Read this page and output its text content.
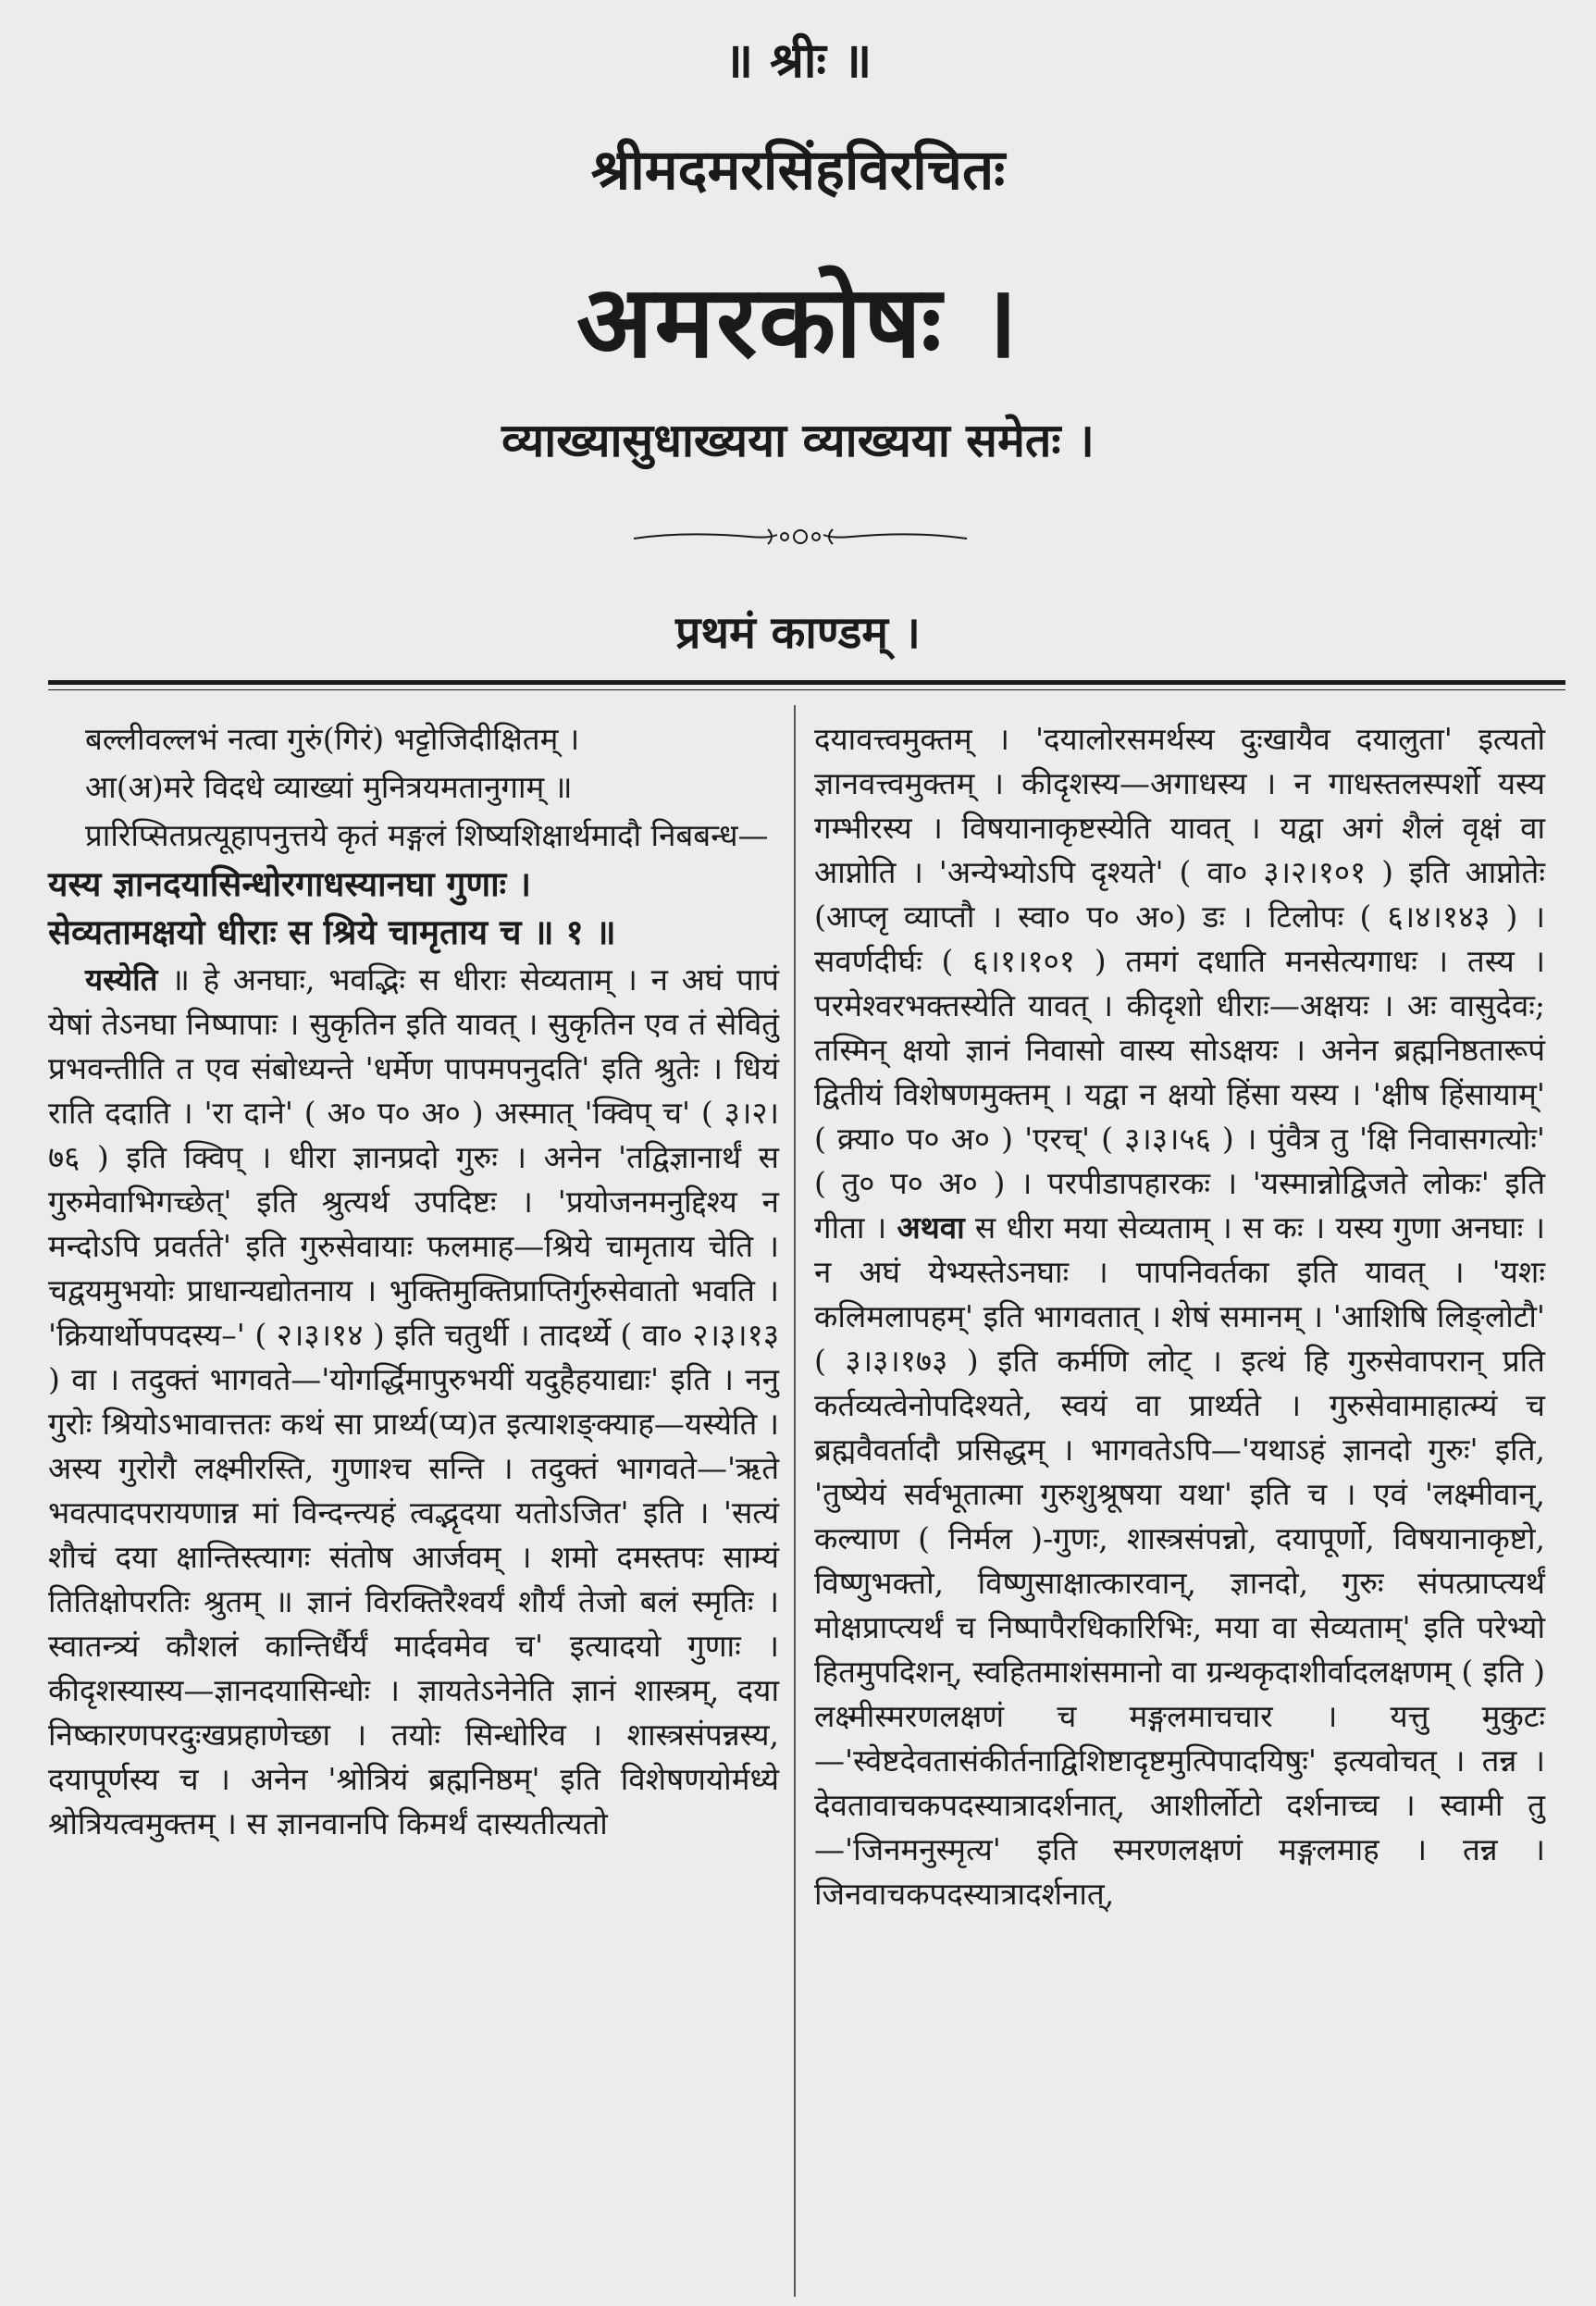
॥ श्रीः ॥
श्रीमदमरसिंहविरचितः
अमरकोषः ।
व्याख्यासुधाख्यया व्याख्यया समेतः ।
प्रथमं काण्डम् ।

बल्लीवल्लभं नत्वा गुरुं(गिरं) भट्टोजिदीक्षितम् ।

आ(अ)मरे विदधे व्याख्यां मुनित्रयमतानुगाम् ॥

प्रारिप्सितप्रत्यूहापनुत्तये कृतं मङ्गलं शिष्यशिक्षार्थमादौ निबबन्ध—

यस्य ज्ञानदयासिन्धोरगाधस्यानघा गुणाः ।

सेव्यतामक्षयो धीराः स श्रिये चामृताय च ॥ १ ॥

यस्येति ॥ हे अनघाः, भवद्भिः स धीराः सेव्यताम् । न अघं पापं येषां तेऽनघा निष्पापाः । सुकृतिन इति यावत् । सुकृतिन एव तं सेवितुं प्रभवन्तीति त एव संबोध्यन्ते 'धर्मेण पापमपनुदति' इति श्रुतेः । धियं राति ददाति । 'रा दाने' ( अ० प० अ० ) अस्मात् 'क्विप् च' ( ३।२।७६ ) इति क्विप् । धीरा ज्ञानप्रदो गुरुः । अनेन 'तद्विज्ञानार्थं स गुरुमेवाभिगच्छेत्' इति श्रुत्यर्थ उपदिष्टः । 'प्रयोजनमनुद्दिश्य न मन्दोऽपि प्रवर्तते' इति गुरुसेवायाः फलमाह—श्रिये चामृताय चेति । चद्वयमुभयोः प्राधान्यद्योतनाय । भुक्तिमुक्तिप्राप्तिर्गुरुसेवातो भवति । 'क्रियार्थोपपदस्य–' ( २।३।१४ ) इति चतुर्थी । तादर्थ्ये ( वा० २।३।१३ ) वा । तदुक्तं भागवते—'योगर्द्धिमापुरुभयीं यदुहैहयाद्याः' इति । ननु गुरोः श्रियोऽभावात्ततः कथं सा प्रार्थ्य(प्य)त इत्याशङ्क्याह—यस्येति । अस्य गुरोरौ लक्ष्मीरस्ति, गुणाश्च सन्ति । तदुक्तं भागवते—'ऋते भवत्पादपरायणान्न मां विन्दन्त्यहं त्वद्भृदया यतोऽजित' इति । 'सत्यं शौचं दया क्षान्तिस्त्यागः संतोष आर्जवम् । शमो दमस्तपः साम्यं तितिक्षोपरतिः श्रुतम् ॥ ज्ञानं विरक्तिरैश्वर्यं शौर्यं तेजो बलं स्मृतिः । स्वातन्त्र्यं कौशलं कान्तिर्धैर्यं मार्दवमेव च' इत्यादयो गुणाः । कीदृशस्यास्य—ज्ञानदयासिन्धोः । ज्ञायतेऽनेनेति ज्ञानं शास्त्रम्, दया निष्कारणपरदुःखप्रहाणेच्छा । तयोः सिन्धोरिव । शास्त्रसंपन्नस्य, दयापूर्णस्य च । अनेन 'श्रोत्रियं ब्रह्मनिष्ठम्' इति विशेषणयोर्मध्ये श्रोत्रियत्वमुक्तम् । स ज्ञानवानपि किमर्थं दास्यतीत्यतो

दयावत्त्वमुक्तम् । 'दयालोरसमर्थस्य दुःखायैव दयालुता' इत्यतो ज्ञानवत्त्वमुक्तम् । कीदृशस्य—अगाधस्य । न गाधस्तलस्पर्शो यस्य गम्भीरस्य । विषयानाकृष्टस्येति यावत् । यद्वा अगं शैलं वृक्षं वा आप्नोति । 'अन्येभ्योऽपि दृश्यते' ( वा० ३।२।१०१ ) इति आप्नोतेः (आप्लृ व्याप्तौ । स्वा० प० अ०) डः । टिलोपः ( ६।४।१४३ ) । सवर्णदीर्घः ( ६।१।१०१ ) तमगं दधाति मनसेत्यगाधः । तस्य । परमेश्वरभक्तस्येति यावत् । कीदृशो धीराः—अक्षयः । अः वासुदेवः; तस्मिन् क्षयो ज्ञानं निवासो वास्य सोऽक्षयः । अनेन ब्रह्मनिष्ठतारूपं द्वितीयं विशेषणमुक्तम् । यद्वा न क्षयो हिंसा यस्य । 'क्षीष हिंसायाम्' ( क्र्या० प० अ० ) 'एरच्' ( ३।३।५६ ) । पुंवैत्र तु 'क्षि निवासगत्योः' ( तु० प० अ० ) । परपीडापहारकः । 'यस्मान्नोद्विजते लोकः' इति गीता । अथवा स धीरा मया सेव्यताम् । स कः । यस्य गुणा अनघाः । न अघं येभ्यस्तेऽनघाः । पापनिवर्तका इति यावत् । 'यशः कलिमलापहम्' इति भागवतात् । शेषं समानम् । 'आशिषि लिङ्लोटौ' ( ३।३।१७३ ) इति कर्मणि लोट् । इत्थं हि गुरुसेवापरान् प्रति कर्तव्यत्वेनोपदिश्यते, स्वयं वा प्रार्थ्यते । गुरुसेवामाहात्म्यं च ब्रह्मवैवर्तादौ प्रसिद्धम् । भागवतेऽपि—'यथाऽहं ज्ञानदो गुरुः' इति, 'तुष्येयं सर्वभूतात्मा गुरुशुश्रूषया यथा' इति च । एवं 'लक्ष्मीवान्, कल्याण ( निर्मल )-गुणः, शास्त्रसंपन्नो, दयापूर्णो, विषयानाकृष्टो, विष्णुभक्तो, विष्णुसाक्षात्कारवान्, ज्ञानदो, गुरुः संपत्प्राप्त्यर्थं मोक्षप्राप्त्यर्थं च निष्पापैरधिकारिभिः, मया वा सेव्यताम्' इति परेभ्यो हितमुपदिशन्, स्वहितमाशंसमानो वा ग्रन्थकृदाशीर्वादलक्षणम् ( इति ) लक्ष्मीस्मरणलक्षणं च मङ्गलमाचचार । यत्तु मुकुटः—'स्वेष्टदेवतासंकीर्तनाद्विशिष्टादृष्टमुत्पिपादयिषुः' इत्यवोचत् । तन्न । देवतावाचकपदस्यात्रादर्शनात्, आशीर्लोटो दर्शनाच्च । स्वामी तु—'जिनमनुस्मृत्य' इति स्मरणलक्षणं मङ्गलमाह । तन्न । जिनवाचकपदस्यात्रादर्शनात्,
